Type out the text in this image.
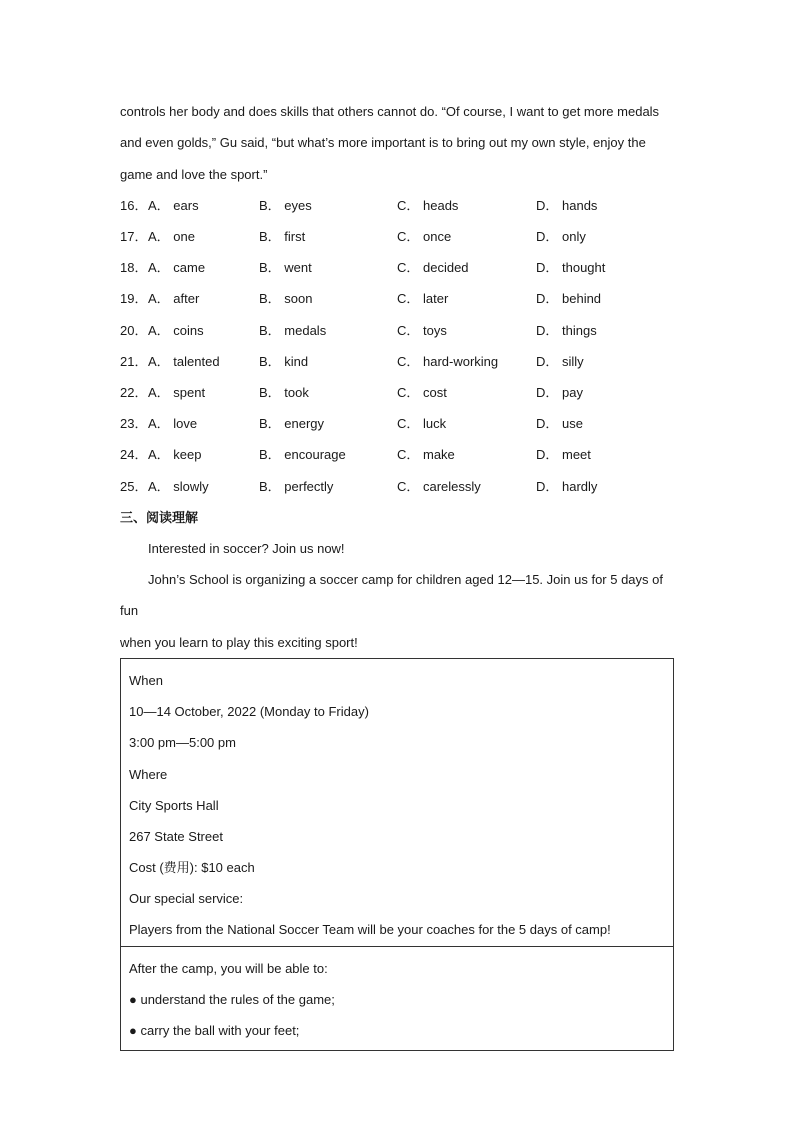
controls her body and does skills that others cannot do. “Of course, I want to get more medals

and even golds,” Gu said, “but what’s more important is to bring out my own style, enjoy the

game and love the sport.”

16． A． ears	B． eyes	C． heads	D． hands
17． A． one	B． first	C． once	D． only
18． A． came	B． went	C． decided	D． thought
19． A． after	B． soon	C． later	D． behind
20． A． coins	B． medals	C． toys	D． things
21． A． talented	B． kind	C． hard-working	D． silly
22． A． spent	B． took	C． cost	D． pay
23． A． love	B． energy	C． luck	D． use
24． A． keep	B． encourage	C． make	D． meet
25． A． slowly	B． perfectly	C． carelessly	D． hardly

三、阅读理解

Interested in soccer? Join us now!

John’s School is organizing a soccer camp for children aged 12—15. Join us for 5 days of fun

when you learn to play this exciting sport!

When
10—14 October, 2022 (Monday to Friday)
3:00 pm—5:00 pm
Where
City Sports Hall
267 State Street
Cost (费用): $10 each
Our special service:
Players from the National Soccer Team will be your coaches for the 5 days of camp!
After the camp, you will be able to:
● understand the rules of the game;
● carry the ball with your feet;
